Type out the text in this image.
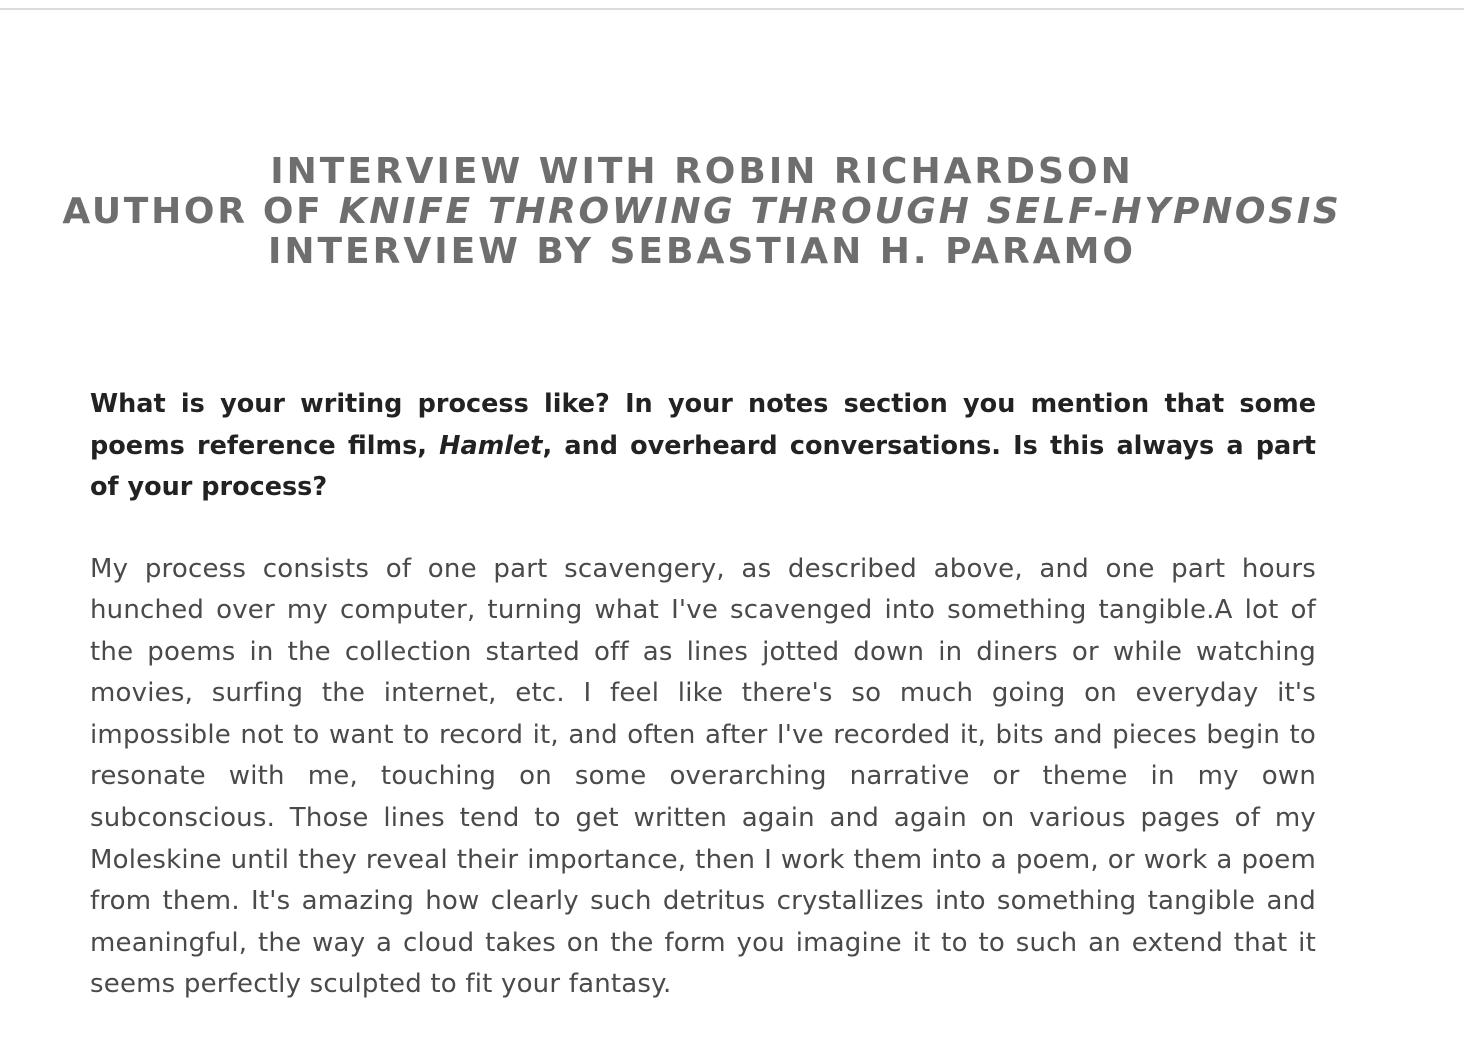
INTERVIEW WITH ROBIN RICHARDSON
AUTHOR OF KNIFE THROWING THROUGH SELF-HYPNOSIS
INTERVIEW BY SEBASTIAN H. PARAMO

What is your writing process like? In your notes section you mention that some poems reference films, Hamlet, and overheard conversations. Is this always a part of your process?

My process consists of one part scavengery, as described above, and one part hours hunched over my computer, turning what I've scavenged into something tangible.A lot of the poems in the collection started off as lines jotted down in diners or while watching movies, surfing the internet, etc. I feel like there's so much going on everyday it's impossible not to want to record it, and often after I've recorded it, bits and pieces begin to resonate with me, touching on some overarching narrative or theme in my own subconscious. Those lines tend to get written again and again on various pages of my Moleskine until they reveal their importance, then I work them into a poem, or work a poem from them. It's amazing how clearly such detritus crystallizes into something tangible and meaningful, the way a cloud takes on the form you imagine it to to such an extend that it seems perfectly sculpted to fit your fantasy.
